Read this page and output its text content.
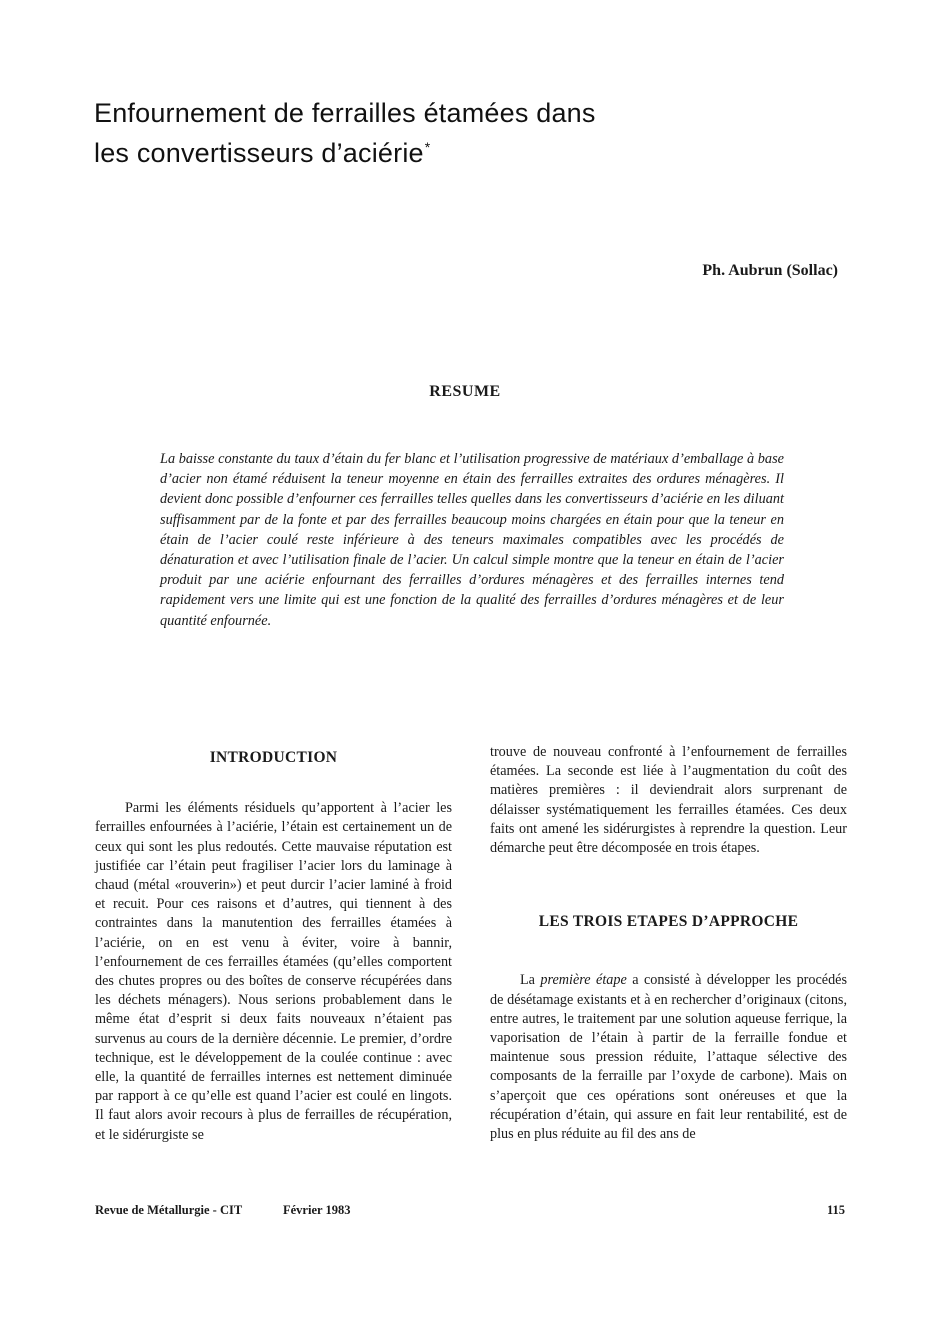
Enfournement de ferrailles étamées dans
les convertisseurs d’aciérie*
Ph. Aubrun (Sollac)
RESUME

La baisse constante du taux d’étain du fer blanc et l’utilisation progressive de matériaux d’emballage à base d’acier non étamé réduisent la teneur moyenne en étain des ferrailles extraites des ordures ménagères. Il devient donc possible d’enfourner ces ferrailles telles quelles dans les convertisseurs d’aciérie en les diluant suffisamment par de la fonte et par des ferrailles beaucoup moins chargées en étain pour que la teneur en étain de l’acier coulé reste inférieure à des teneurs maximales compatibles avec les procédés de dénaturation et avec l’utilisation finale de l’acier. Un calcul simple montre que la teneur en étain de l’acier produit par une aciérie enfournant des ferrailles d’ordures ménagères et des ferrailles internes tend rapidement vers une limite qui est une fonction de la qualité des ferrailles d’ordures ménagères et de leur quantité enfournée.

INTRODUCTION

Parmi les éléments résiduels qu’apportent à l’acier les ferrailles enfournées à l’aciérie, l’étain est certainement un de ceux qui sont les plus redoutés. Cette mauvaise réputation est justifiée car l’étain peut fragiliser l’acier lors du laminage à chaud (métal «rouverin») et peut durcir l’acier laminé à froid et recuit. Pour ces raisons et d’autres, qui tiennent à des contraintes dans la manutention des ferrailles étamées à l’aciérie, on en est venu à éviter, voire à bannir, l’enfournement de ces ferrailles étamées (qu’elles comportent des chutes propres ou des boîtes de conserve récupérées dans les déchets ménagers). Nous serions probablement dans le même état d’esprit si deux faits nouveaux n’étaient pas survenus au cours de la dernière décennie. Le premier, d’ordre technique, est le développement de la coulée continue : avec elle, la quantité de ferrailles internes est nettement diminuée par rapport à ce qu’elle est quand l’acier est coulé en lingots. Il faut alors avoir recours à plus de ferrailles de récupération, et le sidérurgiste se

trouve de nouveau confronté à l’enfournement de ferrailles étamées. La seconde est liée à l’augmentation du coût des matières premières : il deviendrait alors surprenant de délaisser systématiquement les ferrailles étamées. Ces deux faits ont amené les sidérurgistes à reprendre la question. Leur démarche peut être décomposée en trois étapes.

LES TROIS ETAPES D’APPROCHE

La première étape a consisté à développer les procédés de désétamage existants et à en rechercher d’originaux (citons, entre autres, le traitement par une solution aqueuse ferrique, la vaporisation de l’étain à partir de la ferraille fondue et maintenue sous pression réduite, l’attaque sélective des composants de la ferraille par l’oxyde de carbone). Mais on s’aperçoit que ces opérations sont onéreuses et que la récupération d’étain, qui assure en fait leur rentabilité, est de plus en plus réduite au fil des ans de

Revue de Métallurgie - CIT	Février 1983	115
